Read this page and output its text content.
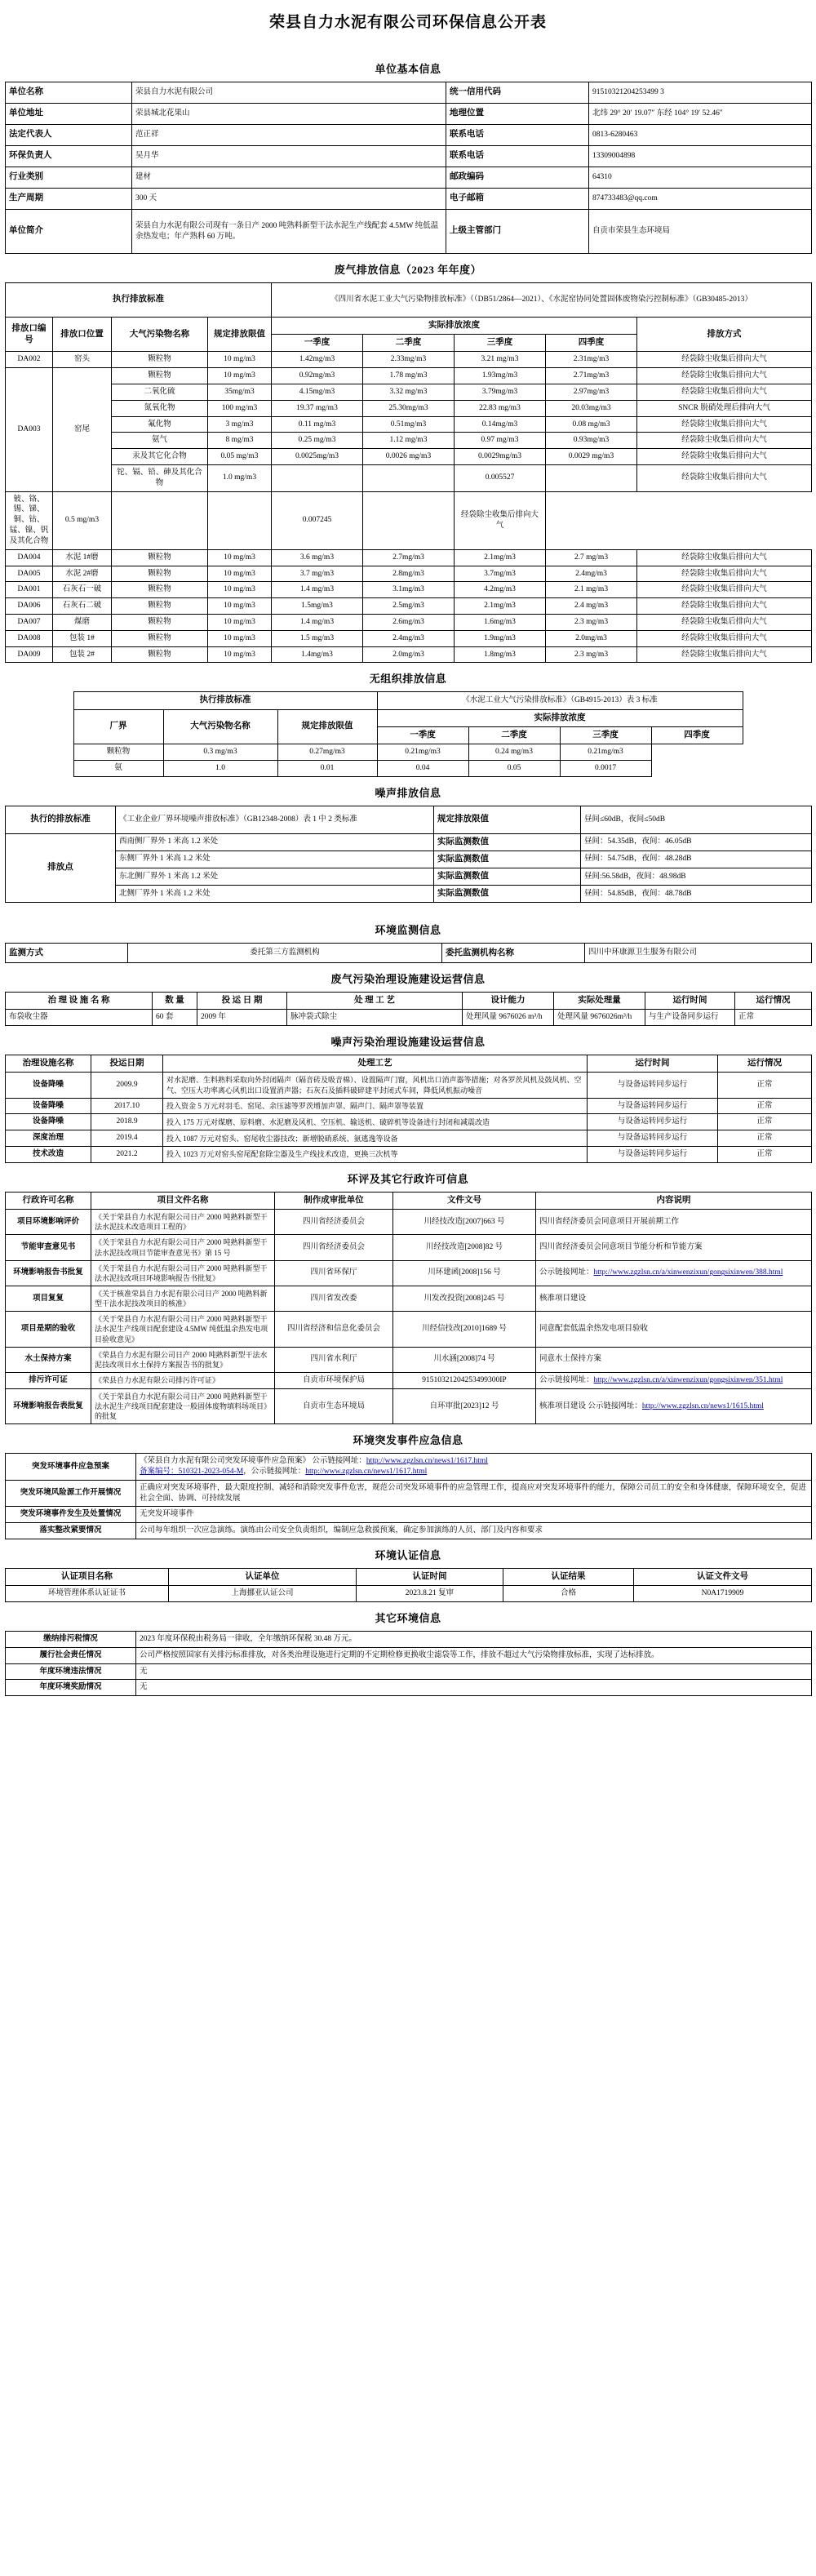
荣县自力水泥有限公司环保信息公开表
单位基本信息
单位名称	荣县自力水泥有限公司	统一信用代码	91510321204253499 3
单位地址	荣县城北花果山	地理位置	北纬 29° 20′ 19.07″ 东经 104° 19′ 52.46″
法定代表人	范正祥	联系电话	0813-6280463
环保负责人	吴月华	联系电话	13309004898
行业类别	建材	邮政编码	64310
生产周期	300 天	电子邮箱	874733483@qq.com
单位简介	荣县自力水泥有限公司现有一条日产 2000 吨熟料新型干法水泥生产线配套 4.5MW 纯低温余热发电；年产熟料 60 万吨。	上级主管部门	自贡市荣县生态环境局
废气排放信息（2023 年年度）
执行排放标准				《四川省水泥工业大气污染物排放标准》（（DB51/2864—2021）、《水泥窑协同处置固体废物染污控制标准》（GB30485-2013）				
排放口编号	排放口位置	大气污染物名称	规定排放限值	实际排放浓度				排放方式
				一季度	二季度	三季度	四季度	
DA002	窑头	颗粒物	10 mg/m3	1.42mg/m3	2.33mg/m3	3.21 mg/m3	2.31mg/m3	经袋除尘收集后排向大气
DA003	窑尾	颗粒物	10 mg/m3	0.92mg/m3	1.78 mg/m3	1.93mg/m3	2.71mg/m3	经袋除尘收集后排向大气
		二氧化硫	35mg/m3	4.15mg/m3	3.32 mg/m3	3.79mg/m3	2.97mg/m3	经袋除尘收集后排向大气
		氮氧化物	100 mg/m3	19.37 mg/m3	25.30mg/m3	22.83 mg/m3	20.03mg/m3	SNCR 脱硝处理后排向大气
		氟化物	3 mg/m3	0.11 mg/m3	0.51mg/m3	0.14mg/m3	0.08 mg/m3	经袋除尘收集后排向大气
		氨气	8 mg/m3	0.25 mg/m3	1.12 mg/m3	0.97 mg/m3	0.93mg/m3	经袋除尘收集后排向大气
		汞及其它化合物	0.05 mg/m3	0.0025mg/m3	0.0026 mg/m3	0.0029mg/m3	0.0029 mg/m3	经袋除尘收集后排向大气
		铊、镉、铅、砷及其化合物	1.0 mg/m3			0.005527		经袋除尘收集后排向大气
铍、铬、锡、锑、铜、钴、锰、镍、钒及其化合物	0.5 mg/m3			0.007245		经袋除尘收集后排向大气		
DA004	水泥 1#磨	颗粒物	10 mg/m3	3.6 mg/m3	2.7mg/m3	2.1mg/m3	2.7 mg/m3	经袋除尘收集后排向大气
DA005	水泥 2#磨	颗粒物	10 mg/m3	3.7 mg/m3	2.8mg/m3	3.7mg/m3	2.4mg/m3	经袋除尘收集后排向大气
DA001	石灰石一破	颗粒物	10 mg/m3	1.4 mg/m3	3.1mg/m3	4.2mg/m3	2.1 mg/m3	经袋除尘收集后排向大气
DA006	石灰石二破	颗粒物	10 mg/m3	1.5mg/m3	2.5mg/m3	2.1mg/m3	2.4 mg/m3	经袋除尘收集后排向大气
DA007	煤磨	颗粒物	10 mg/m3	1.4 mg/m3	2.6mg/m3	1.6mg/m3	2.3 mg/m3	经袋除尘收集后排向大气
DA008	包装 1#	颗粒物	10 mg/m3	1.5 mg/m3	2.4mg/m3	1.9mg/m3	2.0mg/m3	经袋除尘收集后排向大气
DA009	包装 2#	颗粒物	10 mg/m3	1.4mg/m3	2.0mg/m3	1.8mg/m3	2.3 mg/m3	经袋除尘收集后排向大气
无组织排放信息
执行排放标准			《水泥工业大气污染排放标准》（GB4915-2013）表 3 标准			
厂界	大气污染物名称	规定排放限值	实际排放浓度			
			一季度	二季度	三季度	四季度
颗粒物	0.3 mg/m3	0.27mg/m3	0.21mg/m3	0.24 mg/m3	0.21mg/m3	
氨	1.0	0.01	0.04	0.05	0.0017	
噪声排放信息
执行的排放标准	《工业企业厂界环境噪声排放标准》（GB12348-2008）表 1 中 2 类标准	规定排放限值	昼间≤60dB，夜间≤50dB
排放点	西南侧厂界外 1 米高 1.2 米处	实际监测数值	昼间：54.35dB，夜间：46.05dB
	东侧厂界外 1 米高 1.2 米处	实际监测数值	昼间：54.75dB，夜间：48.28dB
	东北侧厂界外 1 米高 1.2 米处	实际监测数值	昼间:56.58dB，夜间：48.98dB
	北侧厂界外 1 米高 1.2 米处	实际监测数值	昼间：54.85dB，夜间：48.78dB
环境监测信息
监测方式	委托第三方监测机构	委托监测机构名称	四川中环康源卫生服务有限公司
废气污染治理设施建设运营信息
治 理 设 施 名 称	数 量	投 运 日 期	处 理 工 艺	设计能力	实际处理量	运行时间	运行情况
布袋收尘器	60 套	2009 年	脉冲袋式除尘	处理风量 9676026 m³/h	处理风量 9676026m³/h	与生产设备同步运行	正常
噪声污染治理设施建设运营信息
治理设施名称	投运日期	处理工艺	运行时间	运行情况
设备降噪	2009.9	对水泥磨、生料熟料采取向外封闭隔声（隔音砖及吸音棉）、设置隔声门窗，风机出口消声器等措施；对各罗茨风机及鼓风机、空气、空压大功率离心风机出口设置消声器；石灰石及插料破碎建平封闭式车间，降低风机振动噪音	与设备运转同步运行	正常
设备降噪	2017.10	投入资金 5 万元对羽毛、窑尾、余压滤等罗茨增加声罩、隔声门、隔声罩等装置	与设备运转同步运行	正常
设备降噪	2018.9	投入 175 万元对煤磨、原料磨、水泥磨及风机、空压机、输送机、破碎机等设备进行封闭和减震改造	与设备运转同步运行	正常
深度治理	2019.4	投入 1087 万元对窑头、窑尾收尘器技改；新增脱硝系统、氨逃逸等设备	与设备运转同步运行	正常
技术改造	2021.2	投入 1023 万元对窑头窑尾配套除尘器及生产线技术改造，更换三次机等	与设备运转同步运行	正常
环评及其它行政许可信息
行政许可名称	项目文件名称	制作成审批单位	文件文号	内容说明
项目环境影响评价	《关于荣县自力水泥有限公司日产 2000 吨熟料新型干法水泥技术改造项目工程的》	四川省经济委员会	川经技改造[2007]663 号	四川省经济委员会同意项目开展前期工作
节能审查意见书	《关于荣县自力水泥有限公司日产 2000 吨熟料新型干法水泥技改项目节能审查意见书》第 15 号	四川省经济委员会	川经技改造[2008]82 号	四川省经济委员会同意项目节能分析和节能方案
环境影响报告书批复	《关于荣县自力水泥有限公司日产 2000 吨熟料新型干法水泥技改项目环境影响报告书批复》	四川省环保厅	川环建函[2008]156 号	公示链接网址：http://www.zgzlsn.cn/a/xinwenzixun/gongsixinwen/388.html
项目复复	《关于核准荣县自力水泥有限公司日产 2000 吨熟料新型干法水泥技改项目的核准》	四川省发改委	川发改投资[2008]245 号	核准项目建设
项目是期的验收	《关于荣县自力水泥有限公司日产 2000 吨熟料新型干法水泥生产线项目配套建设 4.5MW 纯低温余热发电项目验收意见》	四川省经济和信息化委员会	川经信技改[2010]1689 号	同意配套低温余热发电项目验收
水土保持方案	《荣县自力水泥有限公司日产 2000 吨熟料新型干法水泥技改项目水土保持方案报告书的批复》	四川省水利厅	川水涵[2008]74 号	同意水土保持方案
排污许可证	《荣县自力水泥有限公司排污许可证》	自贡市环境保护局	91510321204253499300IP	公示链接网址：http://www.zgzlsn.cn/a/xinwenzixun/gongsixinwen/351.html
环境影响报告表批复	《关于荣县自力水泥有限公司日产 2000 吨熟料新型干法水泥生产线项目配套建设一般固体废物填料场项目》的批复	自贡市生态环境局	自环审批[2023]12 号	核准项目建设 公示链接网址：http://www.zgzlsn.cn/news1/1615.html
环境突发事件应急信息
突发环境事件应急预案	《荣县自力水泥有限公司突发环境事件应急预案》 公示链接网址：http://www.zgzlsn.cn/news1/1617.html
备案编号：510321-2023-054-M，公示链接网址：http://www.zgzlsn.cn/news1/1617.html
突发环境风险源工作开展情况	正确应对突发环境事件，最大限度控制、减轻和消除突发事件危害，规范公司突发环境事件的应急管理工作，提高应对突发环境事件的能力，保障公司员工的安全和身体健康，保障环境安全，促进社会全面、协调、可持续发展
突发环境事件发生及处置情况	无突发环境事件
落实整改紧要情况	公司每年组织一次应急演练。演练由公司安全负责组织，编制应急救援预案，确定参加演练的人员、部门及内容和要求
环境认证信息
认证项目名称	认证单位	认证时间	认证结果	认证文件文号
环境管理体系认证证书	上海挪亚认证公司	2023.8.21 复审	合格	N0A1719909
其它环境信息
缴纳排污税情况	2023 年度环保税由税务局一律收，全年缴纳环保税 30.48 万元。
履行社会责任情况	公司严格按照国家有关排污标准排放，对各类治理设施进行定期的不定期检修更换收尘滤袋等工作，排放不超过大气污染物排放标准，实现了达标排放。
年度环境违法情况	无
年度环境奖励情况	无
